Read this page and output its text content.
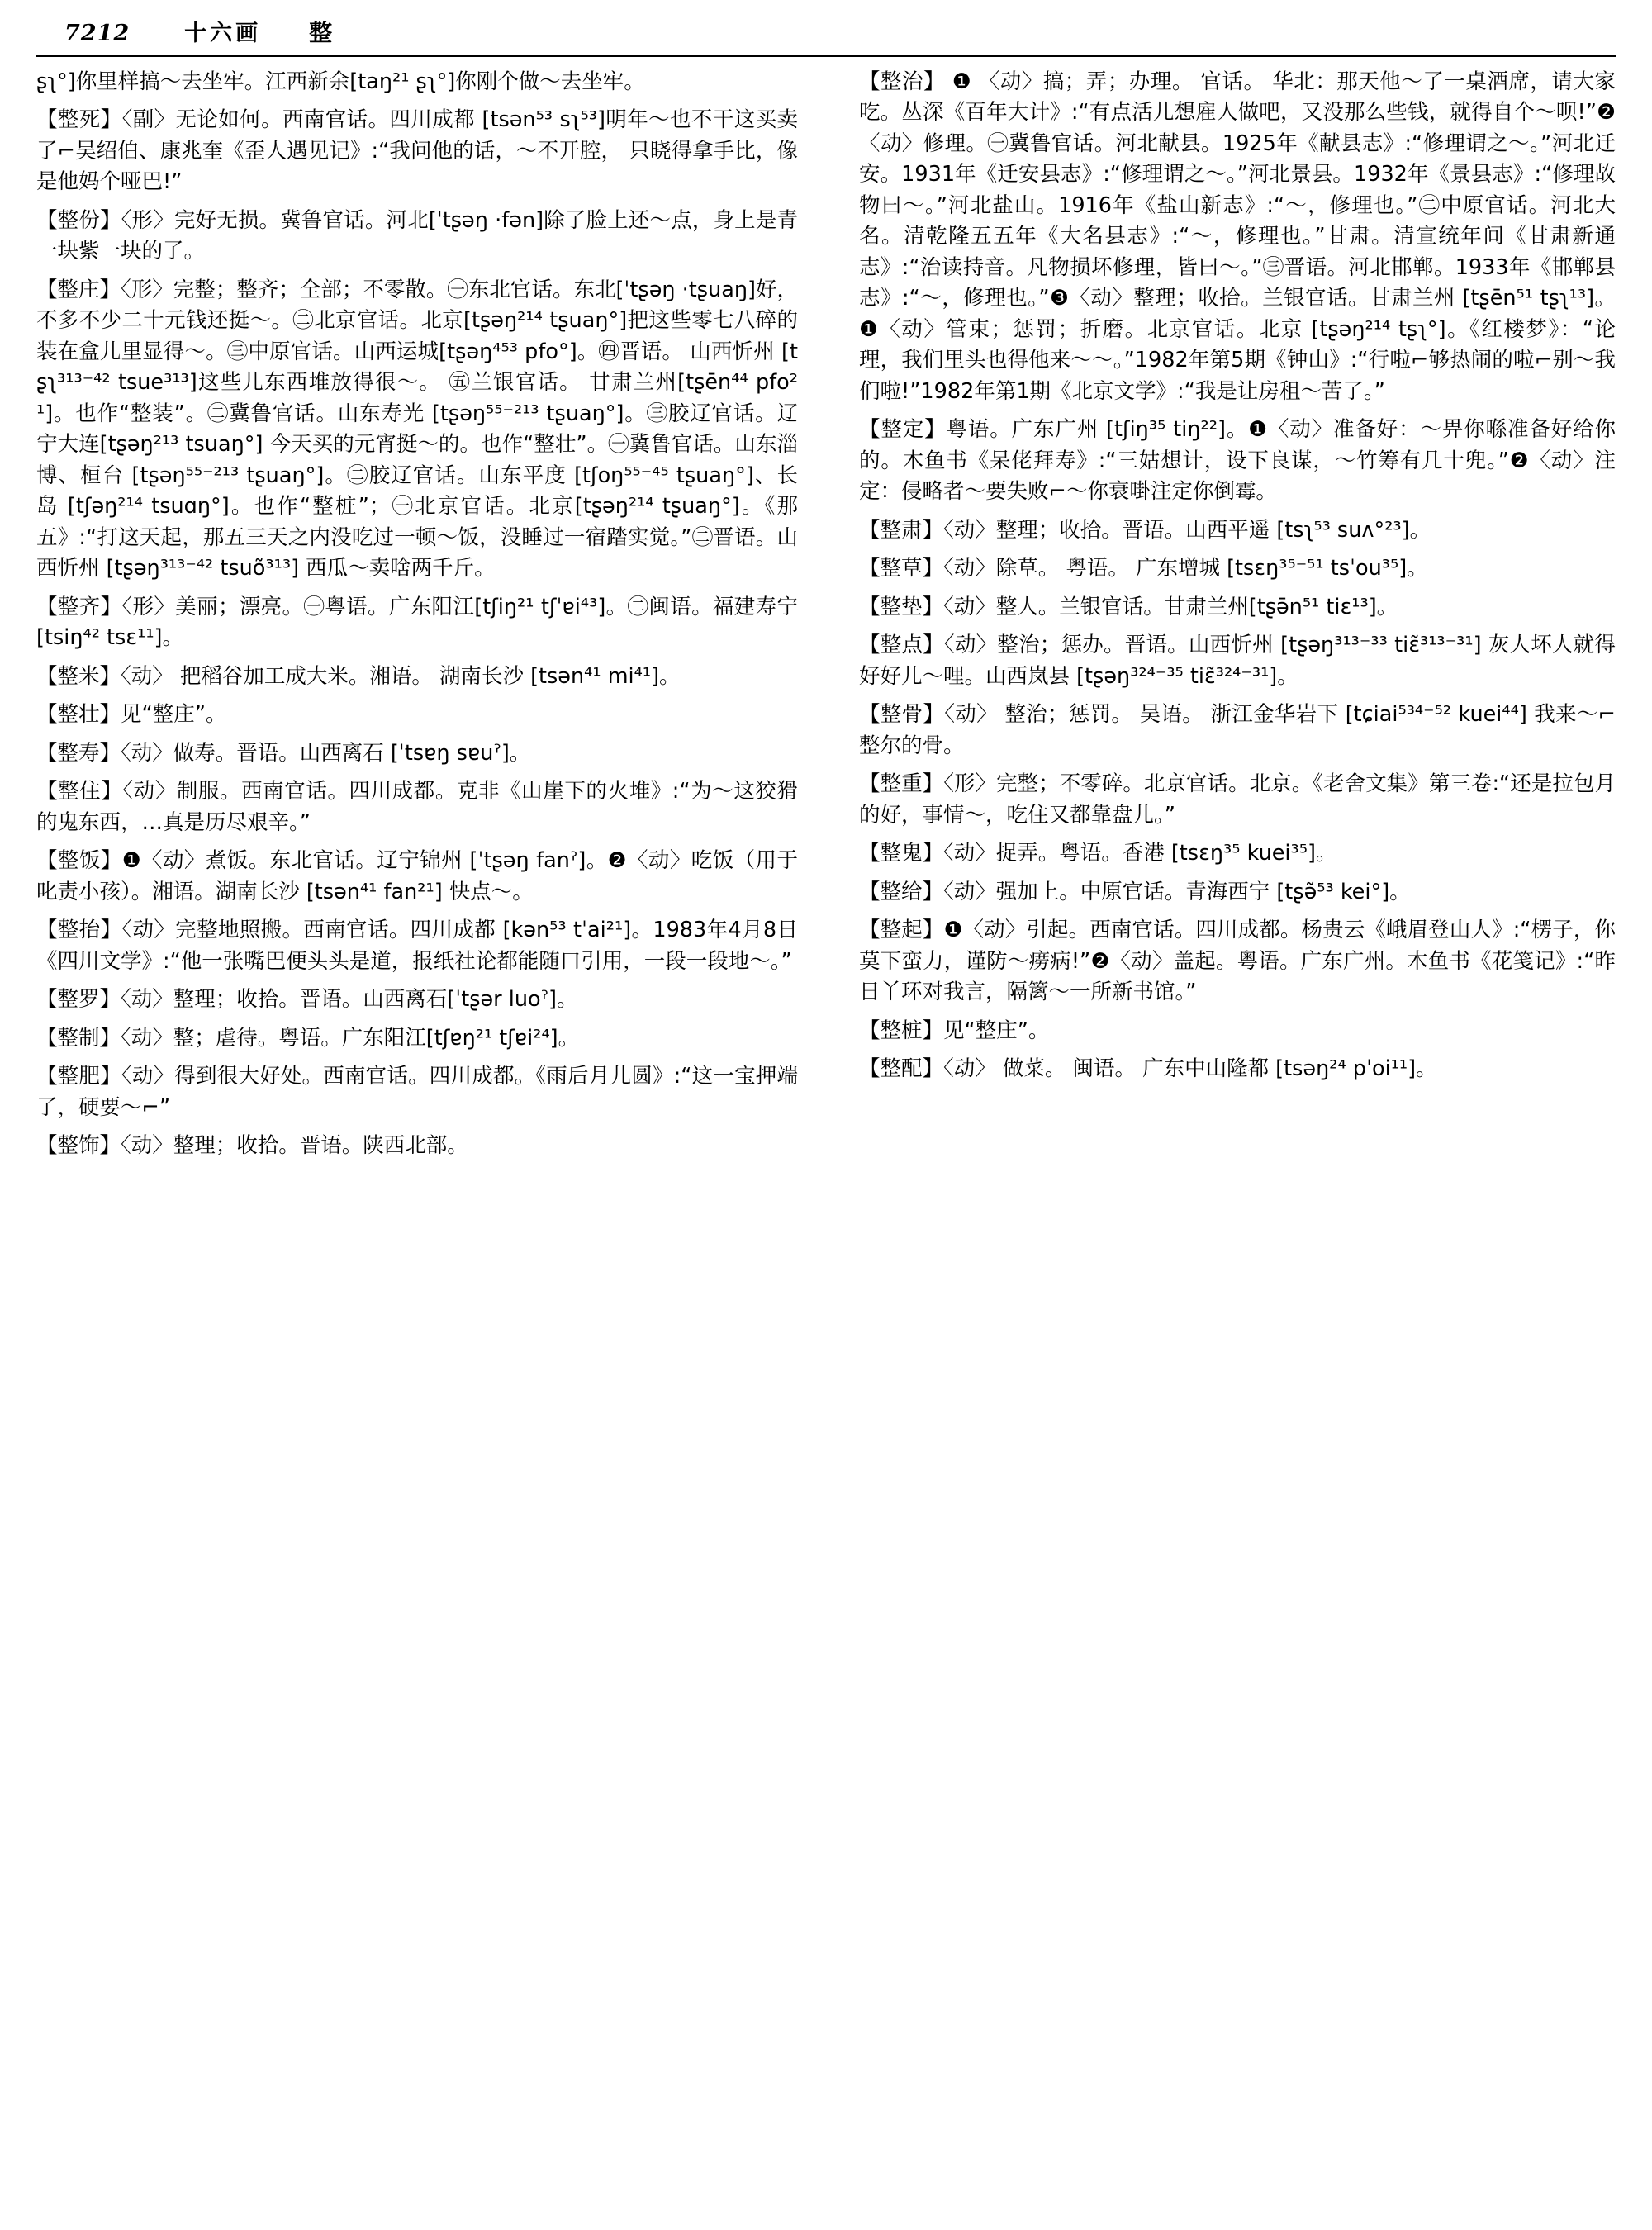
7212 十六画 整
ʂʅ°]你里样搞～去坐牢。江西新余[taŋ²¹ ʂʅ°]你刚个做～去坐牢。
【整死】〈副〉无论如何。西南官话。四川成都 [tsən⁵³ sʅ⁵³]明年～也不干这买卖了⌐吴绍伯、康兆奎《歪人遇见记》:“我问他的话，～不开腔， 只晓得拿手比，像是他妈个哑巴!”
【整份】〈形〉完好无损。冀鲁官话。河北[ˈtʂəŋ ·fən]除了脸上还～点，身上是青一块紫一块的了。
【整庄】〈形〉完整；整齐；全部；不零散。㊀东北官话。东北[ˈtʂəŋ ·tʂuaŋ]好，不多不少二十元钱还挺～。㊁北京官话。北京[tʂəŋ²¹⁴ tʂuaŋ°]把这些零七八碎的装在盒儿里显得～。㊂中原官话。山西运城[tʂəŋ⁴⁵³ pfo°]。㊃晋语。 山西忻州 [tʂʅ³¹³⁻⁴² tsue³¹³]这些儿东西堆放得很～。 ㊄兰银官话。 甘肃兰州[tʂēn⁴⁴ pfo²¹]。也作“整装”。㊁冀鲁官话。山东寿光 [tʂəŋ⁵⁵⁻²¹³ tʂuaŋ°]。㊂胶辽官话。辽宁大连[tʂəŋ²¹³ tsuaŋ°] 今天买的元宵挺～的。也作“整壮”。㊀冀鲁官话。山东淄博、桓台 [tʂəŋ⁵⁵⁻²¹³ tʂuaŋ°]。㊁胶辽官话。山东平度 [tʃoŋ⁵⁵⁻⁴⁵ tʂuaŋ°]、长岛 [tʃəŋ²¹⁴ tsuɑŋ°]。也作“整桩”；㊀北京官话。北京[tʂəŋ²¹⁴ tʂuaŋ°]。《那五》:“打这天起，那五三天之内没吃过一顿～饭，没睡过一宿踏实觉。”㊁晋语。山西忻州 [tʂəŋ³¹³⁻⁴² tsuõ³¹³] 西瓜～卖啥两千斤。
【整齐】〈形〉美丽；漂亮。㊀粤语。广东阳江[tʃiŋ²¹ tʃˈɐi⁴³]。㊁闽语。福建寿宁 [tsiŋ⁴² tsɛ¹¹]。
【整米】〈动〉 把稻谷加工成大米。湘语。 湖南长沙 [tsən⁴¹ mi⁴¹]。
【整壮】见“整庄”。
【整寿】〈动〉做寿。晋语。山西离石 [ˈtsɐŋ sɐuˀ]。
【整住】〈动〉制服。西南官话。四川成都。克非《山崖下的火堆》:“为～这狡猾的鬼东西，…真是历尽艰辛。”
【整饭】❶〈动〉煮饭。东北官话。辽宁锦州 [ˈtʂəŋ fanˀ]。❷〈动〉吃饭（用于叱责小孩）。湘语。湖南长沙 [tsən⁴¹ fan²¹] 快点～。
【整抬】〈动〉完整地照搬。西南官话。四川成都 [kən⁵³ tˈai²¹]。1983年4月8日《四川文学》:“他一张嘴巴便头头是道，报纸社论都能随口引用，一段一段地～。”
【整罗】〈动〉整理；收拾。晋语。山西离石[ˈtʂər luoˀ]。
【整制】〈动〉整；虐待。粤语。广东阳江[tʃɐŋ²¹ tʃɐi²⁴]。
【整肥】〈动〉得到很大好处。西南官话。四川成都。《雨后月儿圆》:“这一宝押端了，硬要～⌐”
【整饰】〈动〉整理；收拾。晋语。陕西北部。
【整治】 ❶ 〈动〉搞；弄；办理。 官话。 华北：那天他～了一桌酒席，请大家吃。丛深《百年大计》:“有点活儿想雇人做吧，又没那么些钱，就得自个～呗!”❷〈动〉修理。㊀冀鲁官话。河北献县。1925年《献县志》:“修理谓之～。”河北迁安。1931年《迁安县志》:“修理谓之～。”河北景县。1932年《景县志》:“修理故物曰～。”河北盐山。1916年《盐山新志》:“～，修理也。”㊁中原官话。河北大名。清乾隆五五年《大名县志》:“～，修理也。”甘肃。清宣统年间《甘肃新通志》:“治读持音。凡物损坏修理，皆曰～。”㊂晋语。河北邯郸。1933年《邯郸县志》:“～，修理也。”❸〈动〉整理；收拾。兰银官话。甘肃兰州 [tʂēn⁵¹ tʂʅ¹³]。❶〈动〉管束；惩罚；折磨。北京官话。北京 [tʂəŋ²¹⁴ tʂʅ°]。《红楼梦》：“论理，我们里头也得他来～～。”1982年第5期《钟山》:“行啦⌐够热闹的啦⌐别～我们啦!”1982年第1期《北京文学》:“我是让房租～苦了。”
【整定】粤语。广东广州 [tʃiŋ³⁵ tiŋ²²]。❶〈动〉准备好：～畀你喺准备好给你的。木鱼书《呆佬拜寿》:“三姑想计，设下良谋，～竹筹有几十兜。”❷〈动〉注定：侵略者～要失败⌐～你衰啩注定你倒霉。
【整肃】〈动〉整理；收拾。晋语。山西平遥 [tsʅ⁵³ suʌ°²³]。
【整草】〈动〉除草。 粤语。 广东增城 [tsɛŋ³⁵⁻⁵¹ tsˈou³⁵]。
【整垫】〈动〉整人。兰银官话。甘肃兰州[tʂə̄n⁵¹ tiɛ¹³]。
【整点】〈动〉整治；惩办。晋语。山西忻州 [tʂəŋ³¹³⁻³³ tiɛ̃³¹³⁻³¹] 灰人坏人就得好好儿～哩。山西岚县 [tʂəŋ³²⁴⁻³⁵ tiɛ̃³²⁴⁻³¹]。
【整骨】〈动〉 整治；惩罚。 吴语。 浙江金华岩下 [tɕiai⁵³⁴⁻⁵² kuei⁴⁴] 我来～⌐整尔的骨。
【整重】〈形〉完整；不零碎。北京官话。北京。《老舍文集》第三卷:“还是拉包月的好，事情～，吃住又都靠盘儿。”
【整鬼】〈动〉捉弄。粤语。香港 [tsɛŋ³⁵ kuei³⁵]。
【整给】〈动〉强加上。中原官话。青海西宁 [tʂə̃⁵³ kei°]。
【整起】❶〈动〉引起。西南官话。四川成都。杨贵云《峨眉登山人》:“楞子，你莫下蛮力，谨防～痨病!”❷〈动〉盖起。粤语。广东广州。木鱼书《花笺记》:“昨日丫环对我言，隔篱～一所新书馆。”
【整桩】见“整庄”。
【整配】〈动〉 做菜。 闽语。 广东中山隆都 [tsəŋ²⁴ pˈoi¹¹]。
